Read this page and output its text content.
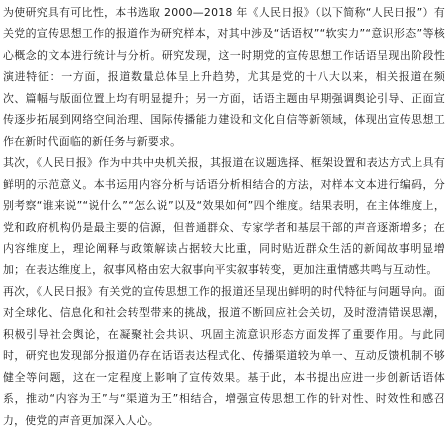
为使研究具有可比性，本书选取 2000—2018 年《人民日报》（以下简称“人民日报”）有关党的宣传思想工作的报道作为研究样本，对其中涉及“话语权”“软实力”“意识形态”等核心概念的文本进行统计与分析。研究发现，这一时期党的宣传思想工作话语呈现出阶段性演进特征：一方面，报道数量总体呈上升趋势，尤其是党的十八大以来，相关报道在频次、篇幅与版面位置上均有明显提升；另一方面，话语主题由早期强调舆论引导、正面宣传逐步拓展到网络空间治理、国际传播能力建设和文化自信等新领域，体现出宣传思想工作在新时代面临的新任务与新要求。

其次，《人民日报》作为中共中央机关报，其报道在议题选择、框架设置和表达方式上具有鲜明的示范意义。本书运用内容分析与话语分析相结合的方法，对样本文本进行编码，分别考察“谁来说”“说什么”“怎么说”以及“效果如何”四个维度。结果表明，在主体维度上，党和政府机构仍是最主要的信源，但普通群众、专家学者和基层干部的声音逐渐增多；在内容维度上，理论阐释与政策解读占据较大比重，同时贴近群众生活的新闻故事明显增加；在表达维度上，叙事风格由宏大叙事向平实叙事转变，更加注重情感共鸣与互动性。

再次，《人民日报》有关党的宣传思想工作的报道还呈现出鲜明的时代特征与问题导向。面对全球化、信息化和社会转型带来的挑战，报道不断回应社会关切，及时澄清错误思潮，积极引导社会舆论，在凝聚社会共识、巩固主流意识形态方面发挥了重要作用。与此同时，研究也发现部分报道仍存在话语表达程式化、传播渠道较为单一、互动反馈机制不够健全等问题，这在一定程度上影响了宣传效果。基于此，本书提出应进一步创新话语体系，推动“内容为王”与“渠道为王”相结合，增强宣传思想工作的针对性、时效性和感召力，使党的声音更加深入人心。
